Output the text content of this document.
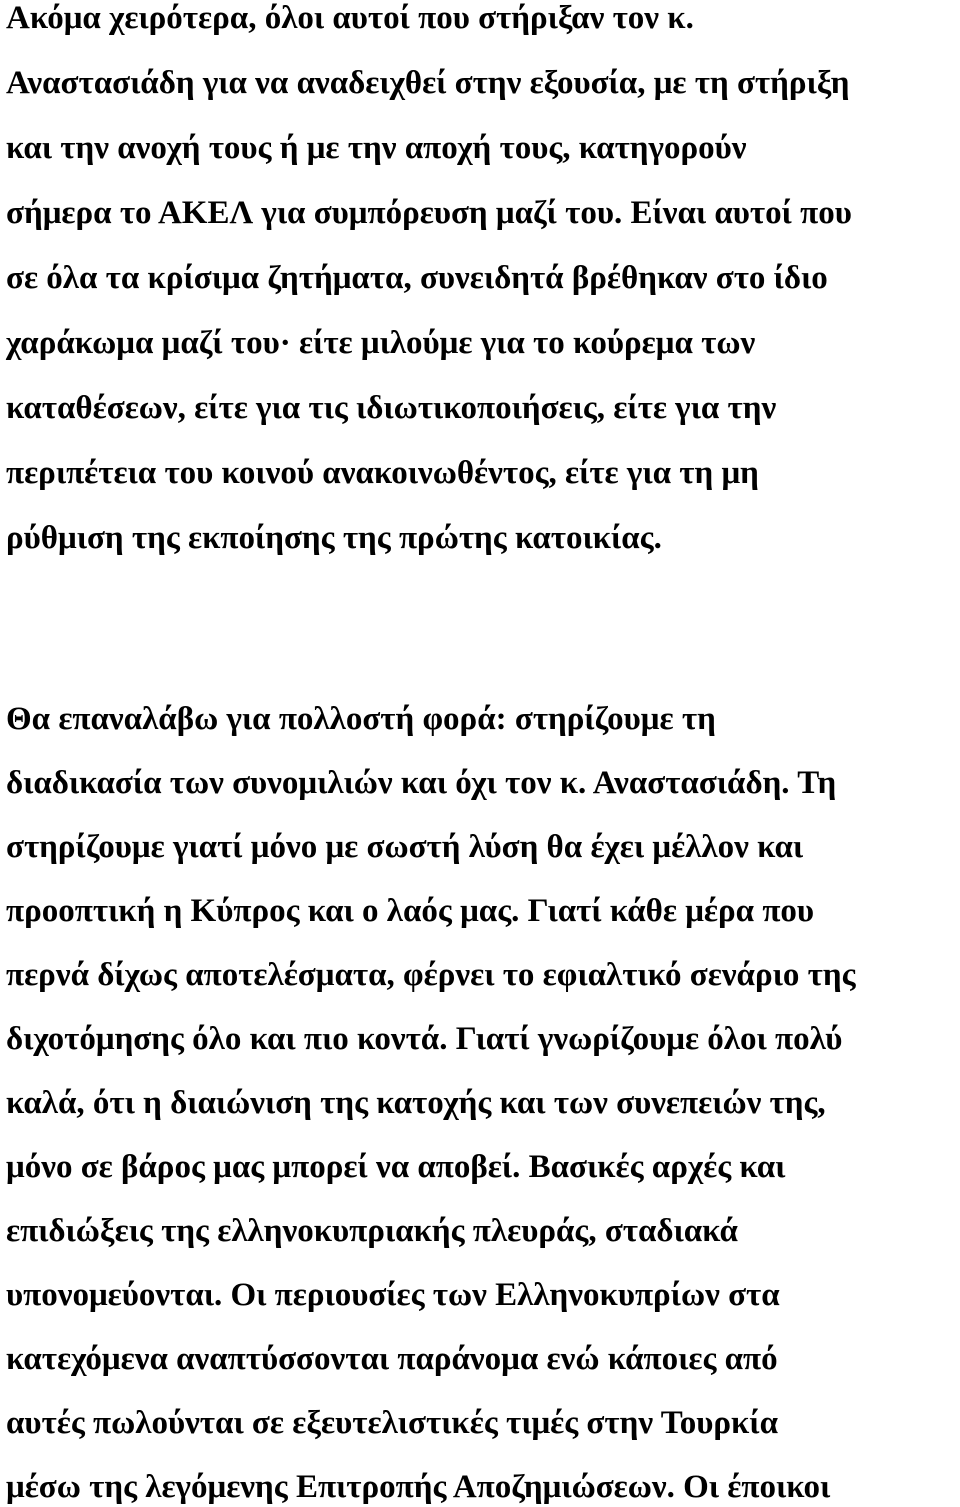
Ακόμα χειρότερα, όλοι αυτοί που στήριξαν τον κ.
Αναστασιάδη για να αναδειχθεί στην εξουσία, με τη στήριξη
και την ανοχή τους ή με την αποχή τους, κατηγορούν
σήμερα το ΑΚΕΛ για συμπόρευση μαζί του. Είναι αυτοί που
σε όλα τα κρίσιμα ζητήματα, συνειδητά βρέθηκαν στο ίδιο
χαράκωμα μαζί του· είτε μιλούμε για το κούρεμα των
καταθέσεων, είτε για τις ιδιωτικοποιήσεις, είτε για την
περιπέτεια του κοινού ανακοινωθέντος, είτε για τη μη
ρύθμιση της εκποίησης της πρώτης κατοικίας.
Θα επαναλάβω για πολλοστή φορά: στηρίζουμε τη
διαδικασία των συνομιλιών και όχι τον κ. Αναστασιάδη. Τη
στηρίζουμε γιατί μόνο με σωστή λύση θα έχει μέλλον και
προοπτική η Κύπρος και ο λαός μας. Γιατί κάθε μέρα που
περνά δίχως αποτελέσματα, φέρνει το εφιαλτικό σενάριο της
διχοτόμησης όλο και πιο κοντά. Γιατί γνωρίζουμε όλοι πολύ
καλά, ότι η διαιώνιση της κατοχής και των συνεπειών της,
μόνο σε βάρος μας μπορεί να αποβεί. Βασικές αρχές και
επιδιώξεις της ελληνοκυπριακής πλευράς, σταδιακά
υπονομεύονται. Οι περιουσίες των Ελληνοκυπρίων στα
κατεχόμενα αναπτύσσονται παράνομα ενώ κάποιες από
αυτές πωλούνται σε εξευτελιστικές τιμές στην Τουρκία
μέσω της λεγόμενης Επιτροπής Αποζημιώσεων. Οι έποικοι
